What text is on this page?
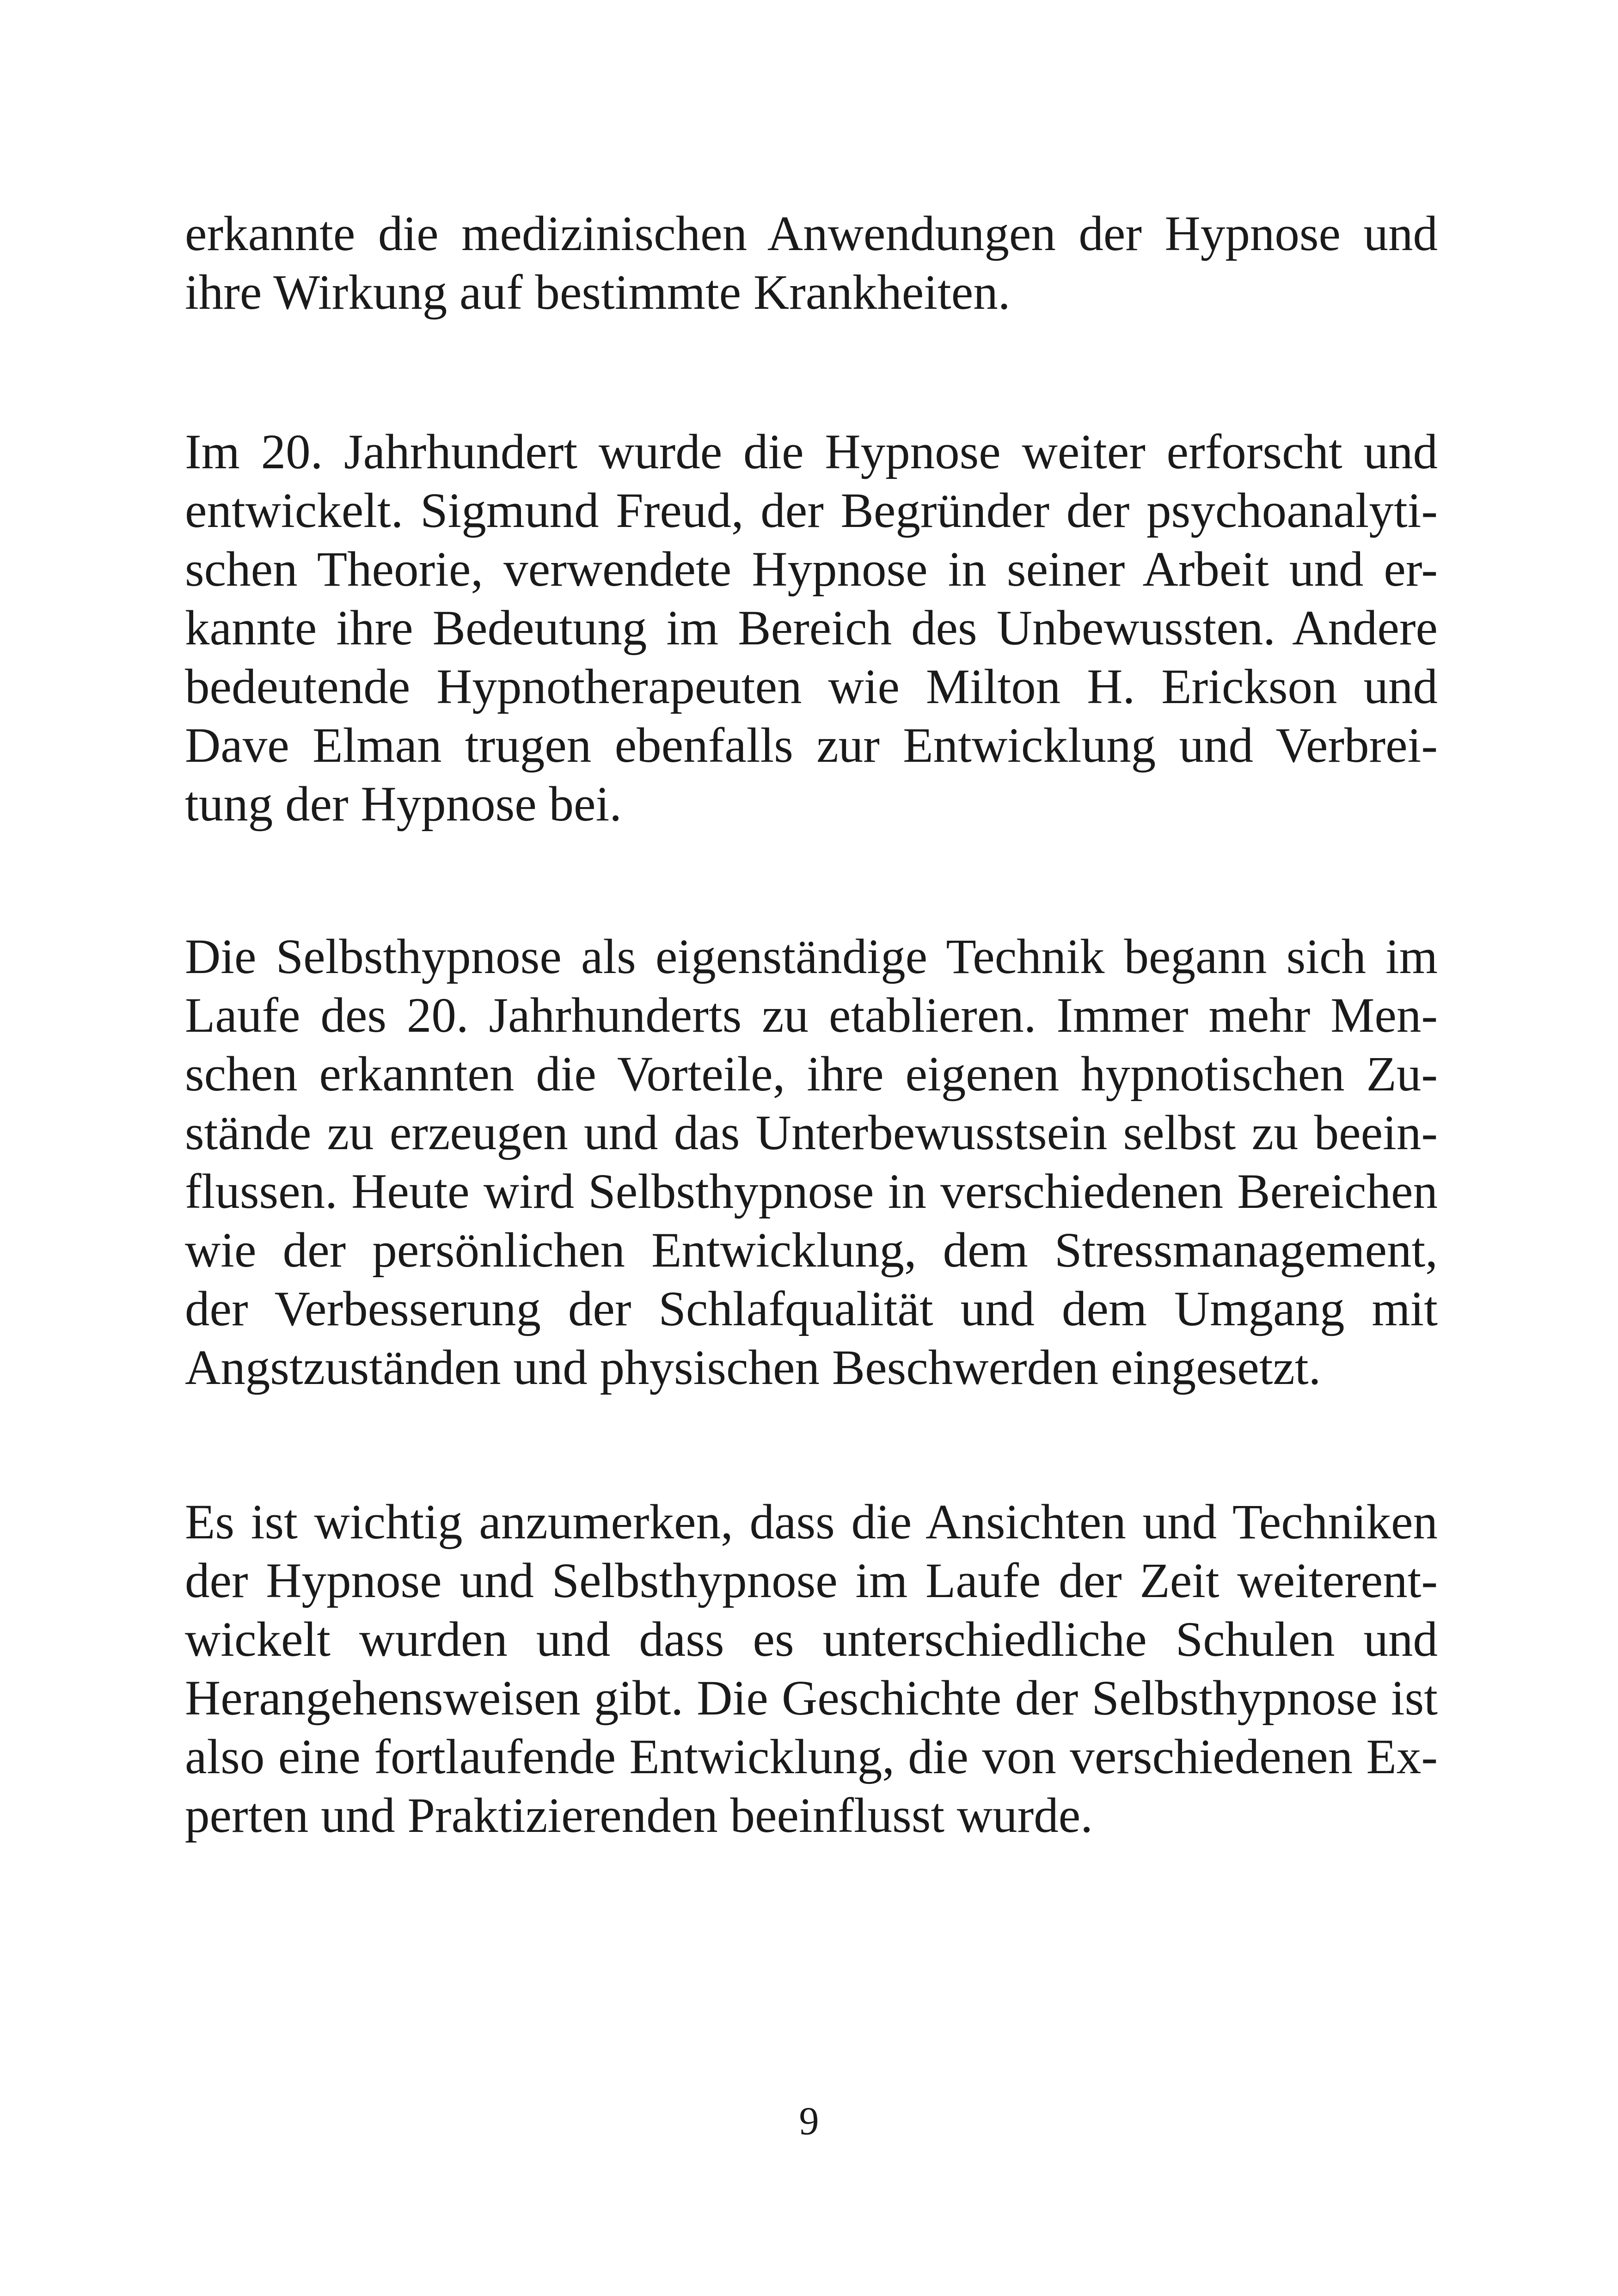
erkannte die medizinischen Anwendungen der Hypnose und
ihre Wirkung auf bestimmte Krankheiten.
Im 20. Jahrhundert wurde die Hypnose weiter erforscht und
entwickelt. Sigmund Freud, der Begründer der psychoanalyti-
schen Theorie, verwendete Hypnose in seiner Arbeit und er-
kannte ihre Bedeutung im Bereich des Unbewussten. Andere
bedeutende Hypnotherapeuten wie Milton H. Erickson und
Dave Elman trugen ebenfalls zur Entwicklung und Verbrei-
tung der Hypnose bei.
Die Selbsthypnose als eigenständige Technik begann sich im
Laufe des 20. Jahrhunderts zu etablieren. Immer mehr Men-
schen erkannten die Vorteile, ihre eigenen hypnotischen Zu-
stände zu erzeugen und das Unterbewusstsein selbst zu beein-
flussen. Heute wird Selbsthypnose in verschiedenen Bereichen
wie der persönlichen Entwicklung, dem Stressmanagement,
der Verbesserung der Schlafqualität und dem Umgang mit
Angstzuständen und physischen Beschwerden eingesetzt.
Es ist wichtig anzumerken, dass die Ansichten und Techniken
der Hypnose und Selbsthypnose im Laufe der Zeit weiterent-
wickelt wurden und dass es unterschiedliche Schulen und
Herangehensweisen gibt. Die Geschichte der Selbsthypnose ist
also eine fortlaufende Entwicklung, die von verschiedenen Ex-
perten und Praktizierenden beeinflusst wurde.
9
